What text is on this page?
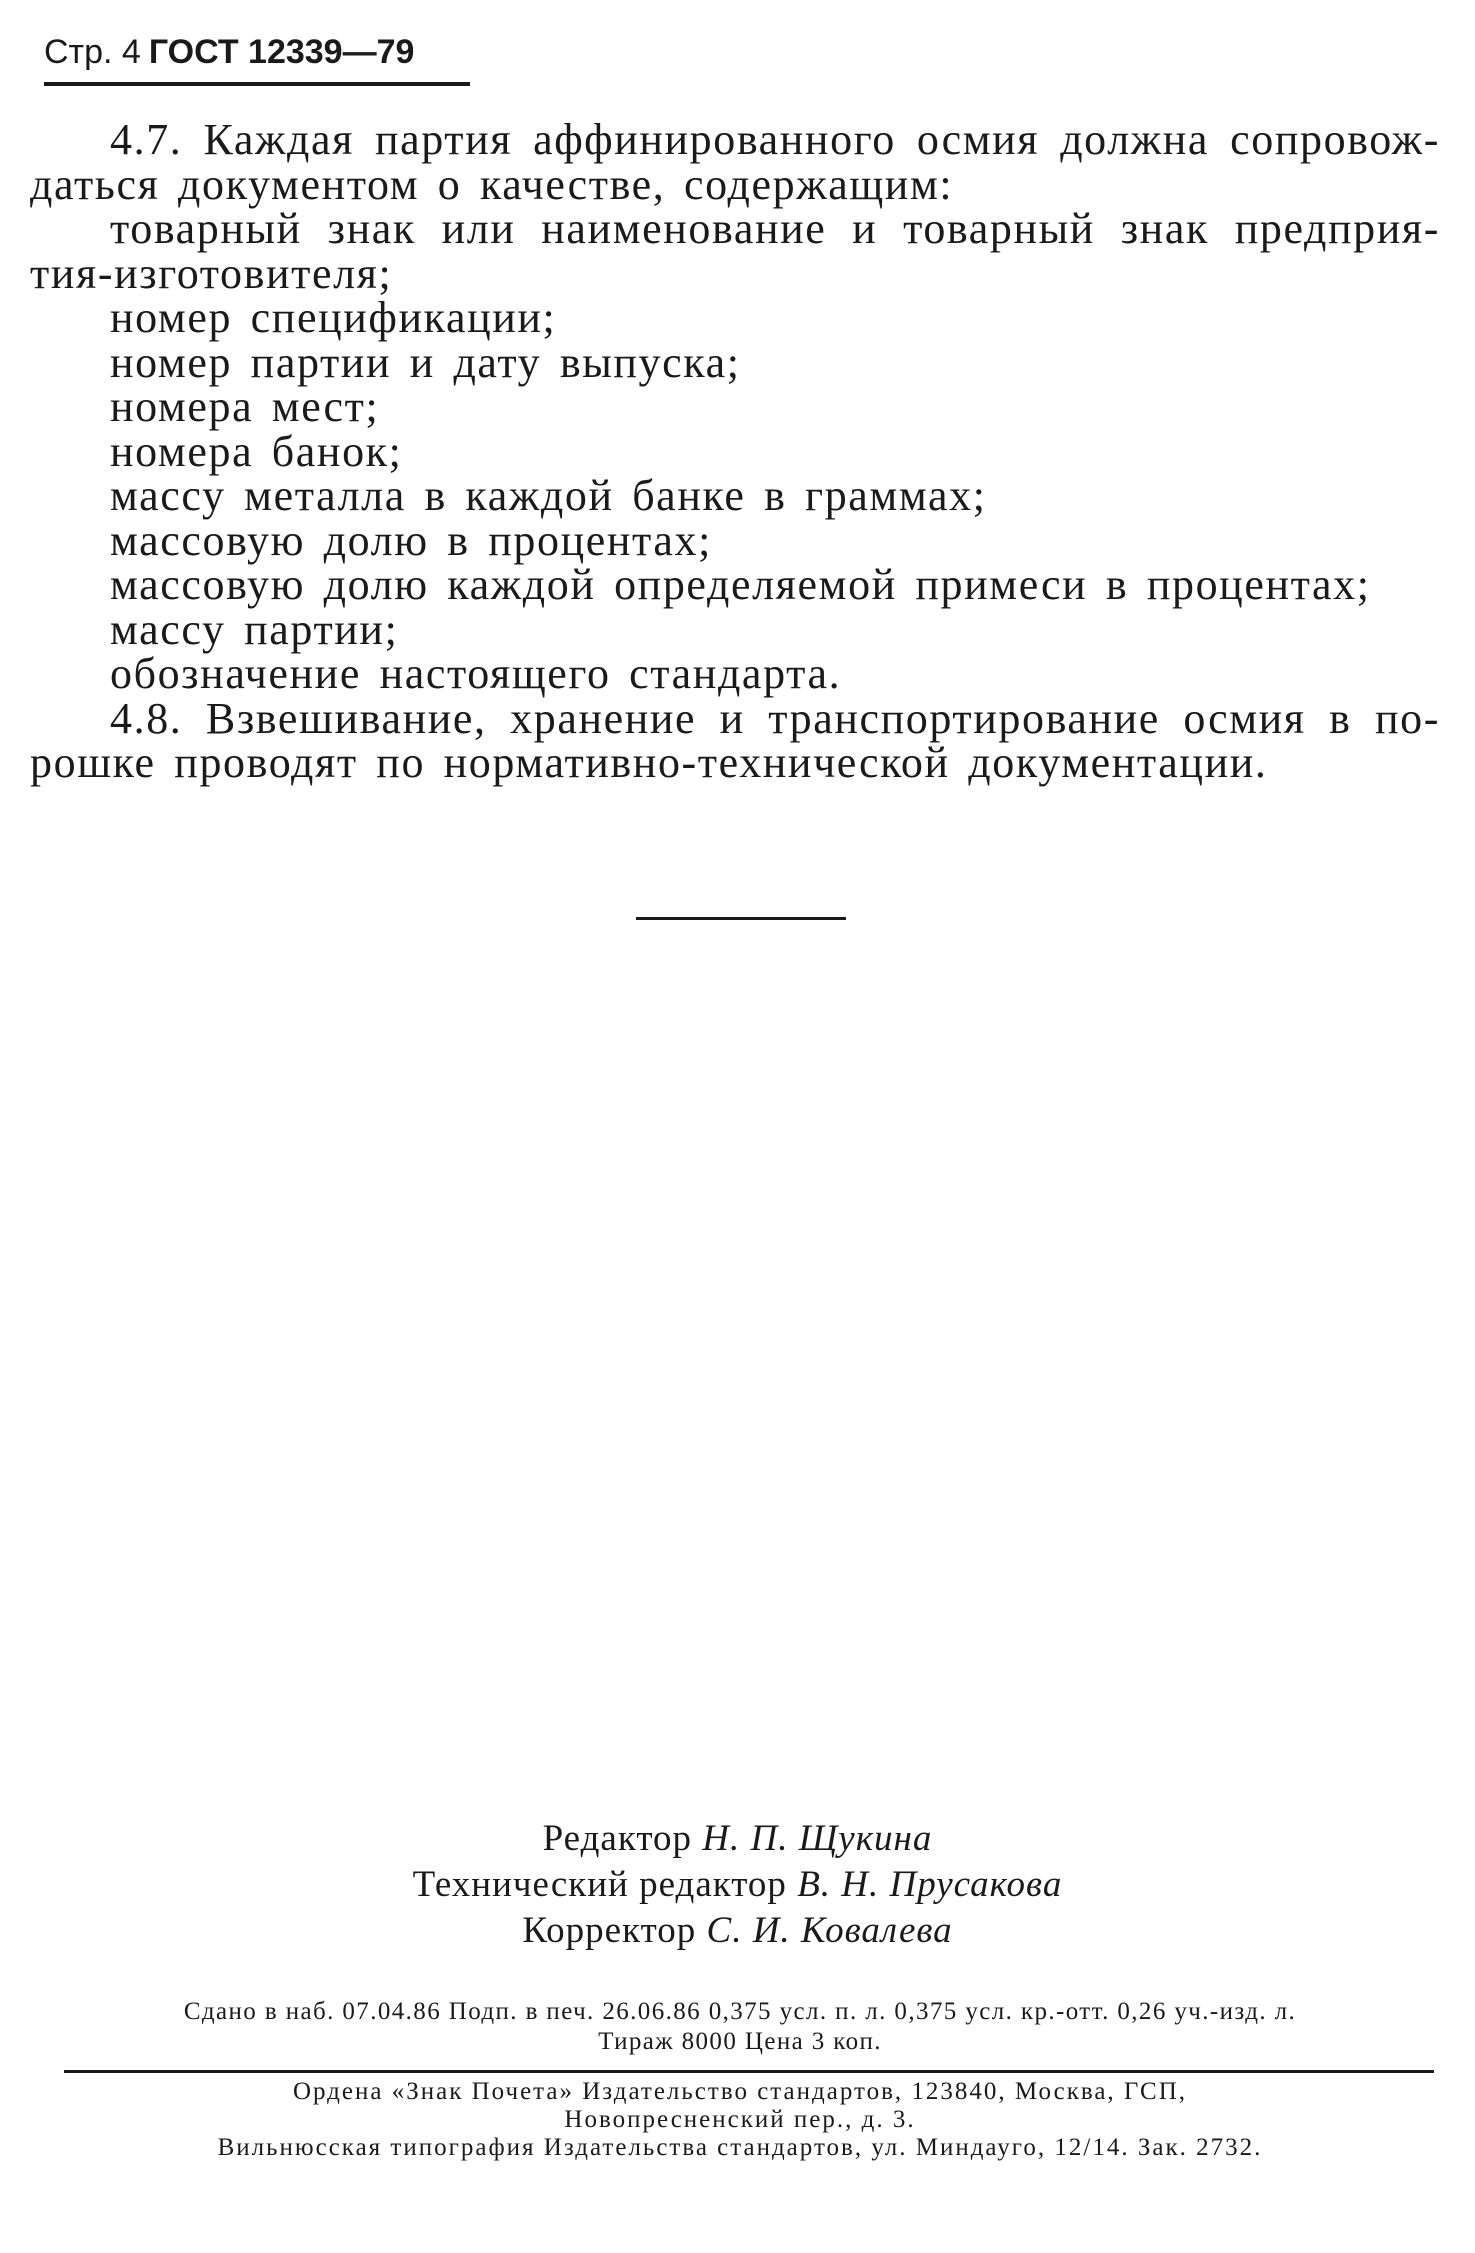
Стр. 4 ГОСТ 12339—79
4.7. Каждая партия аффинированного осмия должна сопровож-
даться документом о качестве, содержащим:
товарный знак или наименование и товарный знак предприя-
тия-изготовителя;
номер спецификации;
номер партии и дату выпуска;
номера мест;
номера банок;
массу металла в каждой банке в граммах;
массовую долю в процентах;
массовую долю каждой определяемой примеси в процентах;
массу партии;
обозначение настоящего стандарта.
4.8. Взвешивание, хранение и транспортирование осмия в по-
рошке проводят по нормативно-технической документации.
Редактор Н. П. Щукина
Технический редактор В. Н. Прусакова
Корректор С. И. Ковалева
Сдано в наб. 07.04.86 Подп. в печ. 26.06.86 0,375 усл. п. л. 0,375 усл. кр.-отт. 0,26 уч.-изд. л.
Тираж 8000 Цена 3 коп.
Ордена «Знак Почета» Издательство стандартов, 123840, Москва, ГСП,
Новопресненский пер., д. 3.
Вильнюсская типография Издательства стандартов, ул. Миндауго, 12/14. Зак. 2732.
